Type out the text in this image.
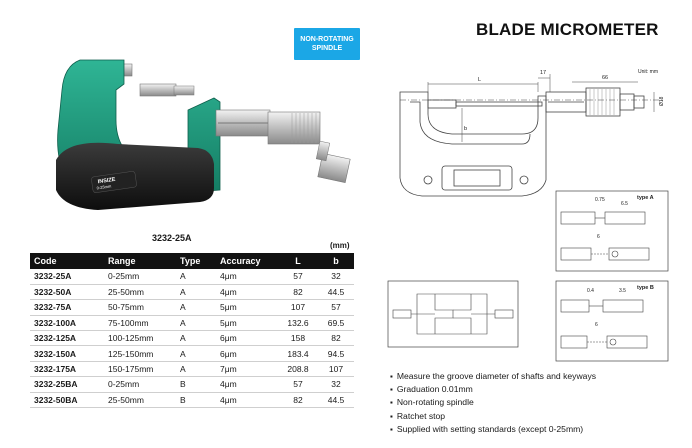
NON-ROTATING
SPINDLE
BLADE MICROMETER
INSIZE
0-25mm
3232-25A
(mm)
Code	Range	Type	Accuracy	L	b
3232-25A	0-25mm	A	4μm	57	32
3232-50A	25-50mm	A	4μm	82	44.5
3232-75A	50-75mm	A	5μm	107	57
3232-100A	75-100mm	A	5μm	132.6	69.5
3232-125A	100-125mm	A	6μm	158	82
3232-150A	125-150mm	A	6μm	183.4	94.5
3232-175A	150-175mm	A	7μm	208.8	107
3232-25BA	0-25mm	B	4μm	57	32
3232-50BA	25-50mm	B	4μm	82	44.5
L
17
66
Unit: mm
b
Ø18
type A
0.75
6.5
6
type B
0.4	3.5
6
▪ Measure the groove diameter of shafts and keyways
▪ Graduation 0.01mm
▪ Non-rotating spindle
▪ Ratchet stop
▪ Supplied with setting standards (except 0-25mm)
